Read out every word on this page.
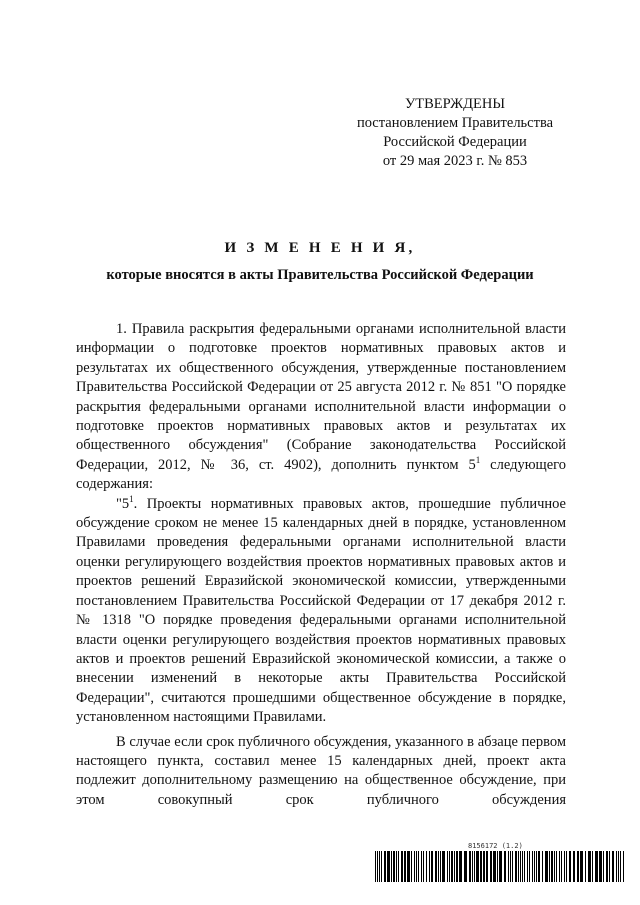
УТВЕРЖДЕНЫ
постановлением Правительства
Российской Федерации
от 29 мая 2023 г. № 853
И З М Е Н Е Н И Я,
которые вносятся в акты Правительства Российской Федерации

1. Правила раскрытия федеральными органами исполнительной власти информации о подготовке проектов нормативных правовых актов и результатах их общественного обсуждения, утвержденные постановлением Правительства Российской Федерации от 25 августа 2012 г. № 851 "О порядке раскрытия федеральными органами исполнительной власти информации о подготовке проектов нормативных правовых актов и результатах их общественного обсуждения" (Собрание законодательства Российской Федерации, 2012, № 36, ст. 4902), дополнить пунктом $5^1$ следующего содержания:

"$5^1$. Проекты нормативных правовых актов, прошедшие публичное обсуждение сроком не менее 15 календарных дней в порядке, установленном Правилами проведения федеральными органами исполнительной власти оценки регулирующего воздействия проектов нормативных правовых актов и проектов решений Евразийской экономической комиссии, утвержденными постановлением Правительства Российской Федерации от 17 декабря 2012 г. № 1318 "О порядке проведения федеральными органами исполнительной власти оценки регулирующего воздействия проектов нормативных правовых актов и проектов решений Евразийской экономической комиссии, а также о внесении изменений в некоторые акты Правительства Российской Федерации", считаются прошедшими общественное обсуждение в порядке, установленном настоящими Правилами.

В случае если срок публичного обсуждения, указанного в абзаце первом настоящего пункта, составил менее 15 календарных дней, проект акта подлежит дополнительному размещению на общественное обсуждение, при этом совокупный срок публичного обсуждения

8156172 (1.2)
